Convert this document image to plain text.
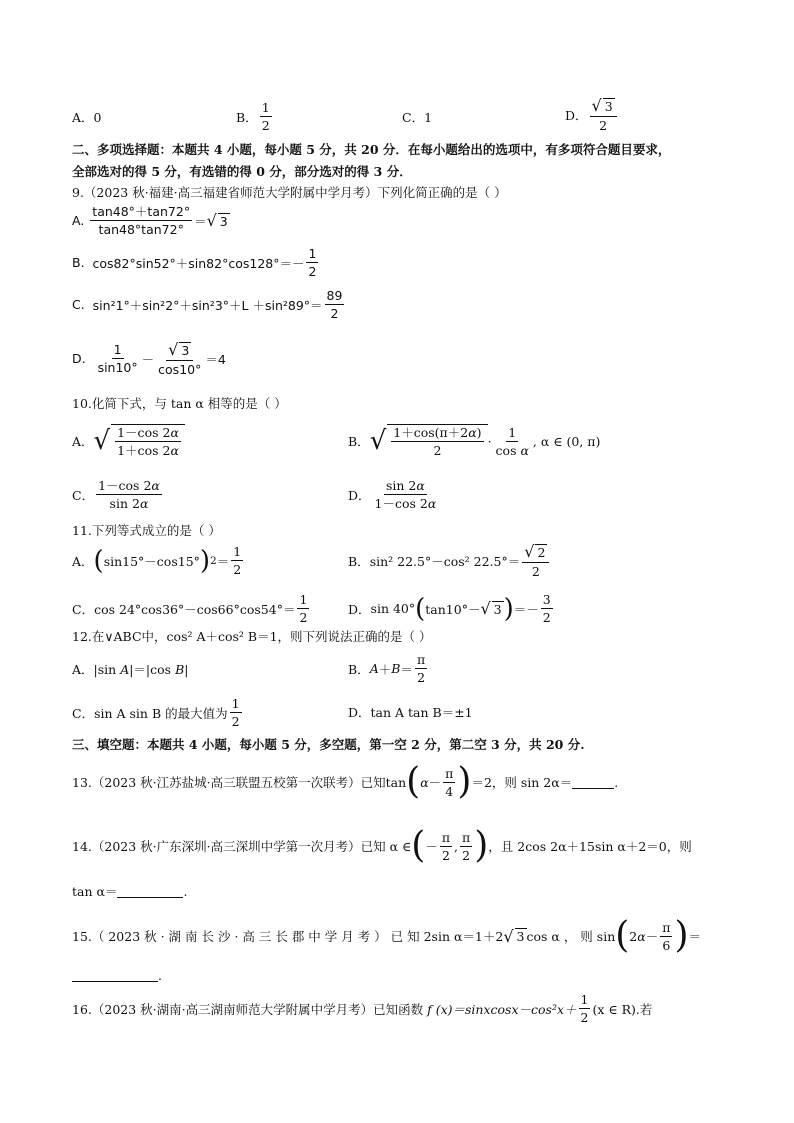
A．0	B． $\frac{1}{2}$	C．1	D． $\frac{√ 3}{2}$
二、多项选择题：本题共 4 小题，每小题 5 分，共 20 分．在每小题给出的选项中，有多项符合题目要求，
全部选对的得 5 分，有选错的得 0 分，部分选对的得 3 分．
9.（2023 秋·福建·高三福建省师范大学附属中学月考）下列化简正确的是（ ）
A.
$\frac{\tan 48^\circ+\tan 72^\circ}{\tan 48^\circ\tan 72^\circ}$ ＝ √ 3
B.
$\cos 82^\circ\sin 52^\circ+\sin 82^\circ\cos 128^\circ=- \frac{1}{2}$
C.
$\sin^21^\circ+\sin^22^\circ+\sin^23^\circ+L +\sin^289^\circ= \frac{89}{2}$
D.
$\frac{1}{\sin 10^\circ} - \frac{√ 3}{\cos 10^\circ} =4$
10.化简下式，与 tan α 相等的是（ ）
A． √ $\frac{1-\cos 2\alpha}{1+\cos 2\alpha}$	B． √ $\frac{1+\cos(\pi+2\alpha)}{2} \cdot \frac{1}{\text{cos α}}$ , α ∈ (0, π)
C． $\frac{1-\cos 2\alpha}{\sin 2\alpha}$	D． $\frac{\sin 2\alpha}{1-\cos 2\alpha}$
11.下列等式成立的是（ ）
A． ( sin15°－cos15° ) $2 = \frac{1}{2}$	B． sin² 22.5°－cos² $22.5^\circ= \frac{√ 2}{2}$
C． $\cos 24^\circ\cos 36^\circ-\cos 66^\circ\cos 54^\circ= \frac{1}{2}$	D． sin 40° ( tan10°－ √ 3 ) ＝－ $\frac{3}{2}$
12.在∨ABC中，cos² A＋cos² B＝1，则下列说法正确的是（ ）
A． |sin A|＝|cos B|	B． $A + B = \frac{\pi}{2}$
C．sin A sin B 的最大值为 $\frac{1}{2}$	D．tan A tan B＝±1
三、填空题：本题共 4 小题，每小题 5 分，多空题，第一空 2 分，第二空 3 分，共 20 分.
13.（2023 秋·江苏盐城·高三联盟五校第一次联考）已知 tan ( $\alpha - \frac{\pi}{4}$ ) ＝2 ，则 sin 2α＝	.
14.（2023 秋·广东深圳·高三深圳中学第一次月考）已知 α ∈ ( － $\frac{\pi}{2}$ , $\frac{\pi}{2}$ ) ，且 2cos 2α＋15sin α＋2＝0，则
tan α＝	.
15.（ 2023 秋 · 湖 南 长 沙 · 高 三 长 郡 中 学 月 考 ） 已 知 2sin α＝1＋2 √ 3 cos α ， 则 sin ( $2\alpha- \frac{\pi}{6}$ ) ＝
.
16.（2023 秋·湖南·高三湖南师范大学附属中学月考）已知函数
f (x)＝sinxcosx－cos²x＋ $\frac{1}{2} (x$ ∈ R).若
